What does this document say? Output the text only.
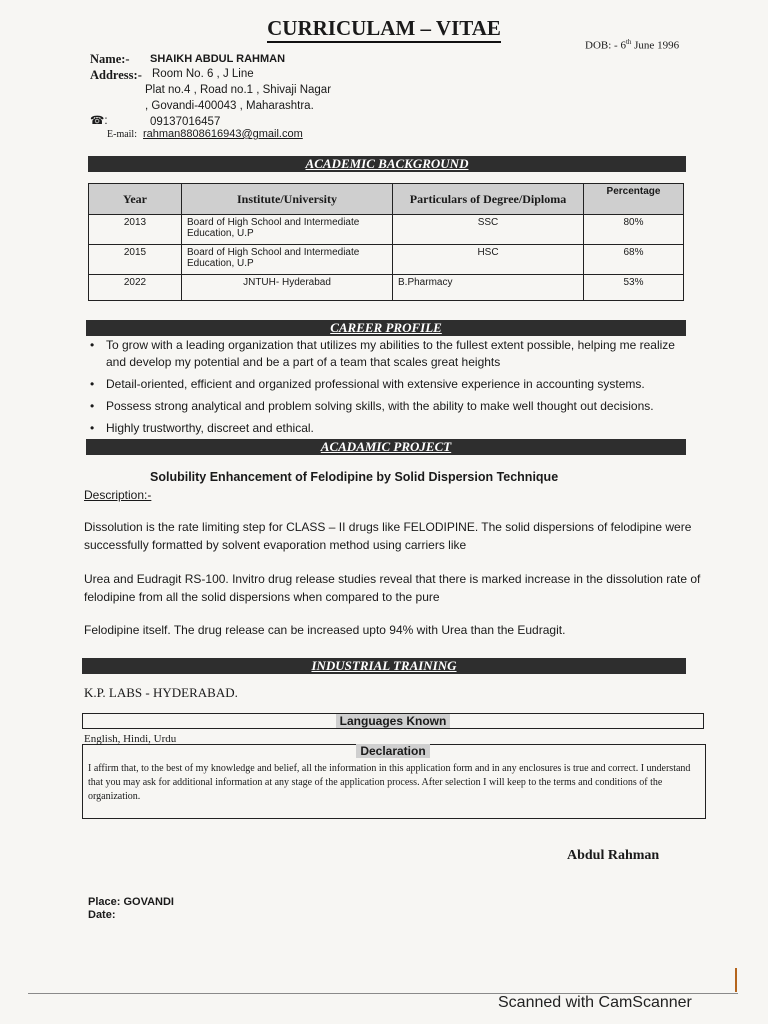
CURRICULAM – VITAE
DOB: - 6th June 1996
Name:- SHAIKH ABDUL RAHMAN
Address:- Room No. 6 , J Line
Plat no.4 , Road no.1 , Shivaji Nagar
, Govandi-400043 , Maharashtra.
☎:	09137016457
E-mail: rahman8808616943@gmail.com
ACADEMIC BACKGROUND
Year	Institute/University	Particulars of Degree/Diploma	Percentage
2013	Board of High School and Intermediate Education, U.P	SSC	80%
2015	Board of High School and Intermediate Education, U.P	HSC	68%
2022	JNTUH- Hyderabad	B.Pharmacy	53%
CAREER PROFILE
• To grow with a leading organization that utilizes my abilities to the fullest extent possible, helping me realize and develop my potential and be a part of a team that scales great heights
• Detail-oriented, efficient and organized professional with extensive experience in accounting systems.
• Possess strong analytical and problem solving skills, with the ability to make well thought out decisions.
• Highly trustworthy, discreet and ethical.
ACADAMIC PROJECT
Solubility Enhancement of Felodipine by Solid Dispersion Technique
Description:-
Dissolution is the rate limiting step for CLASS – II drugs like FELODIPINE. The solid dispersions of felodipine were successfully formatted by solvent evaporation method using carriers like
Urea and Eudragit RS-100. Invitro drug release studies reveal that there is marked increase in the dissolution rate of felodipine from all the solid dispersions when compared to the pure
Felodipine itself. The drug release can be increased upto 94% with Urea than the Eudragit.
INDUSTRIAL TRAINING
K.P. LABS - HYDERABAD.
Languages Known
English, Hindi, Urdu
Declaration
I affirm that, to the best of my knowledge and belief, all the information in this application form and in any enclosures is true and correct. I understand that you may ask for additional information at any stage of the application process. After selection I will keep to the terms and conditions of the organization.
Abdul Rahman
Place: GOVANDI
Date:
Scanned with CamScanner
